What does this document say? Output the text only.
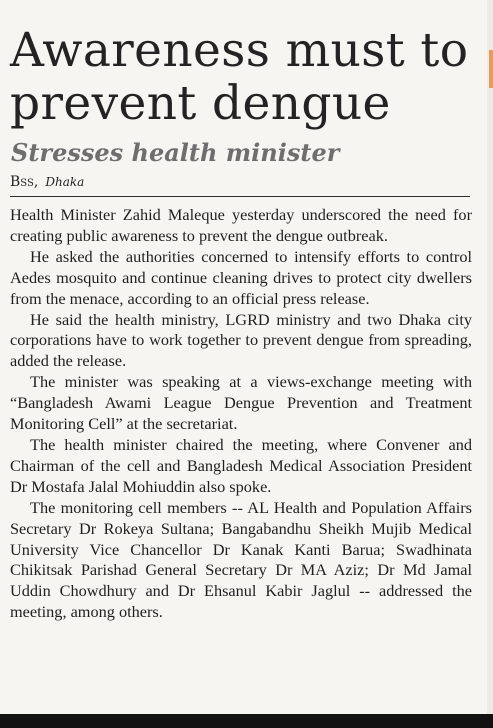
Awareness must to prevent dengue
Stresses health minister
Bss, Dhaka

Health Minister Zahid Maleque yesterday underscored the need for creating public awareness to prevent the dengue outbreak.

He asked the authorities concerned to intensify efforts to control Aedes mosquito and continue cleaning drives to protect city dwellers from the menace, according to an official press release.

He said the health ministry, LGRD ministry and two Dhaka city corporations have to work together to prevent dengue from spreading, added the release.

The minister was speaking at a views-exchange meeting with “Bangladesh Awami League Dengue Prevention and Treatment Monitoring Cell” at the secretariat.

The health minister chaired the meeting, where Convener and Chairman of the cell and Bangladesh Medical Association President Dr Mostafa Jalal Mohiuddin also spoke.

The monitoring cell members -- AL Health and Population Affairs Secretary Dr Rokeya Sultana; Bangabandhu Sheikh Mujib Medical University Vice Chancellor Dr Kanak Kanti Barua; Swadhinata Chikitsak Parishad General Secretary Dr MA Aziz; Dr Md Jamal Uddin Chowdhury and Dr Ehsanul Kabir Jaglul -- addressed the meeting, among others.
